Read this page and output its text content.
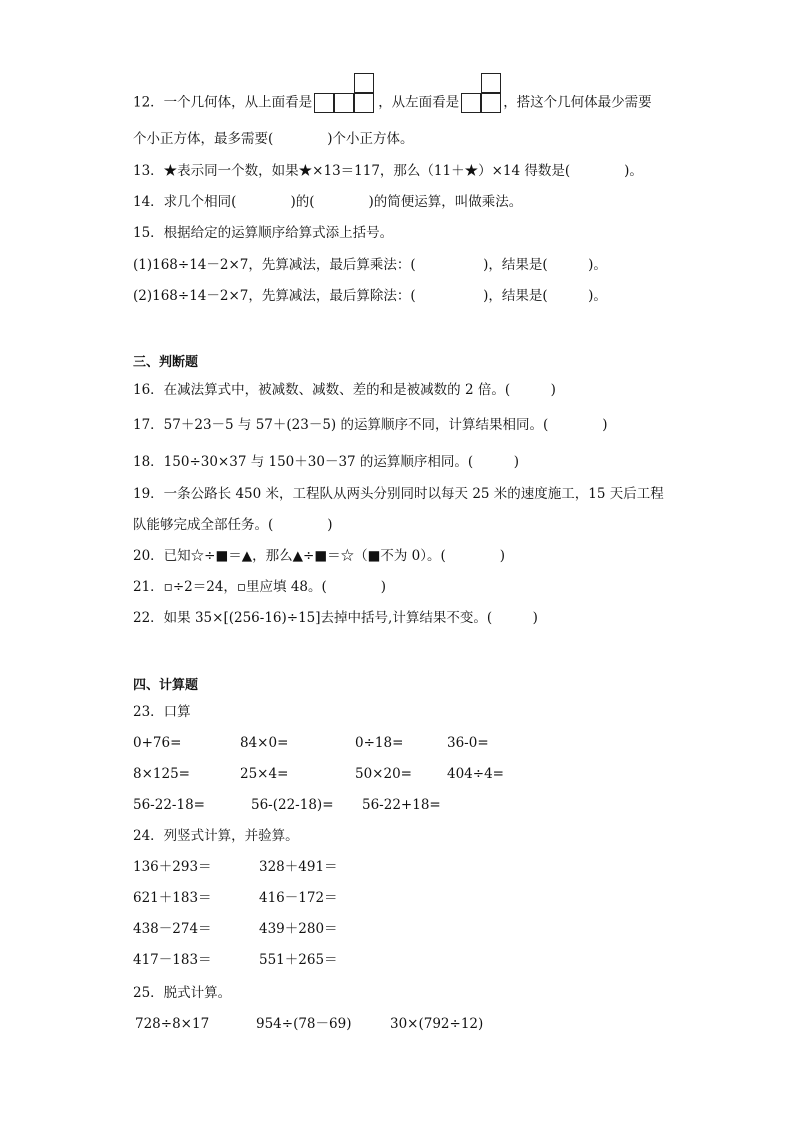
12．一个几何体，从上面看是	，从左面看是	，搭这个几何体最少需要
个小正方体，最多需要(　　　　)个小正方体。
13．★表示同一个数，如果★×13＝117，那么（11＋★）×14 得数是(　　　　)。
14．求几个相同(　　　　)的(　　　　)的简便运算，叫做乘法。
15．根据给定的运算顺序给算式添上括号。
(1)168÷14－2×7，先算减法，最后算乘法：(　　　　　)，结果是(　　　)。
(2)168÷14－2×7，先算减法，最后算除法：(　　　　　)，结果是(　　　)。
三、判断题
16．在减法算式中，被减数、减数、差的和是被减数的 2 倍。(　　　)
17．57＋23－5 与 57＋(23－5) 的运算顺序不同，计算结果相同。(　　　　)
18．150÷30×37 与 150＋30－37 的运算顺序相同。(　　　)
19．一条公路长 450 米，工程队从两头分别同时以每天 25 米的速度施工，15 天后工程
队能够完成全部任务。(　　　　)
20．已知☆÷■＝▲，那么▲÷■＝☆（■不为 0）。(　　　　)
21．▫÷2＝24，▫里应填 48。(　　　　)
22．如果 35×[(256-16)÷15]去掉中括号,计算结果不变。(　　　)
四、计算题
23．口算
0+76=	84×0=	0÷18=	36-0=
8×125=	25×4=	50×20=	404÷4=
56-22-18=	56-(22-18)= 56-22+18=
24．列竖式计算，并验算。
136＋293＝	328＋491＝
621＋183＝	416－172＝
438－274＝	439＋280＝
417－183＝	551＋265＝
25．脱式计算。
728÷8×17	954÷(78－69)	30×(792÷12)
